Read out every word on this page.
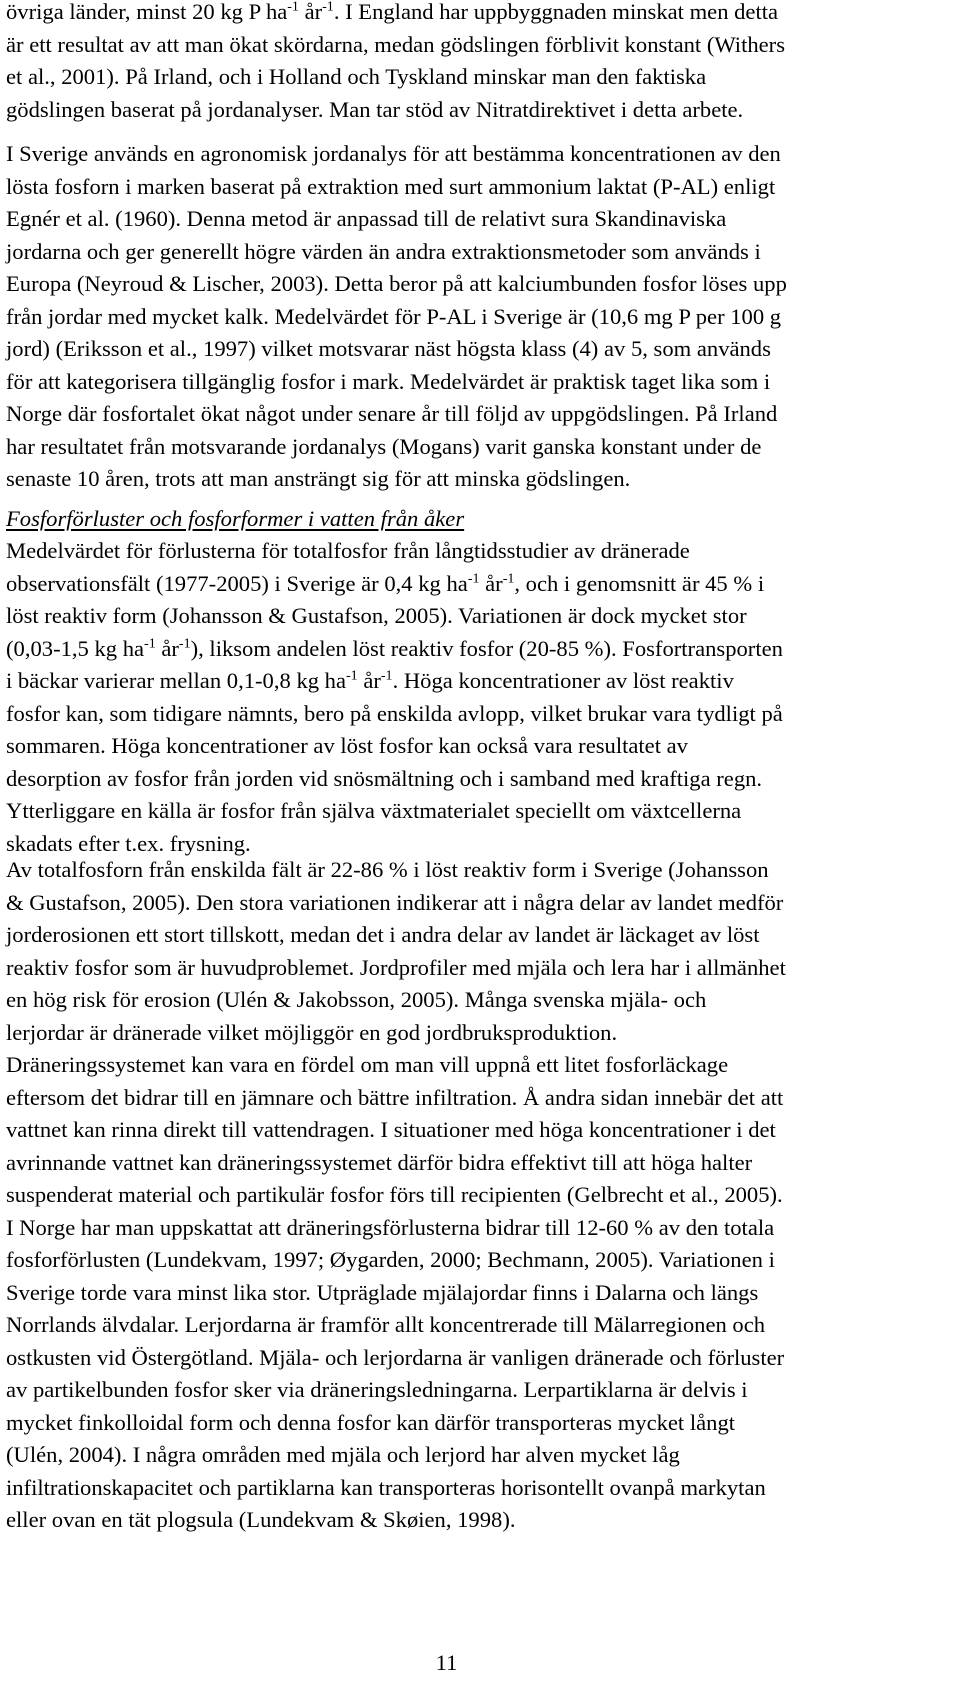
övriga länder, minst 20 kg P $ha^{-1}$ $år^{-1}$. I England har uppbyggnaden minskat men detta
är ett resultat av att man ökat skördarna, medan gödslingen förblivit konstant (Withers
et al., 2001). På Irland, och i Holland och Tyskland minskar man den faktiska
gödslingen baserat på jordanalyser. Man tar stöd av Nitratdirektivet i detta arbete.
I Sverige används en agronomisk jordanalys för att bestämma koncentrationen av den
lösta fosforn i marken baserat på extraktion med surt ammonium laktat (P-AL) enligt
Egnér et al. (1960). Denna metod är anpassad till de relativt sura Skandinaviska
jordarna och ger generellt högre värden än andra extraktionsmetoder som används i
Europa (Neyroud & Lischer, 2003). Detta beror på att kalciumbunden fosfor löses upp
från jordar med mycket kalk. Medelvärdet för P-AL i Sverige är (10,6 mg P per 100 g
jord) (Eriksson et al., 1997) vilket motsvarar näst högsta klass (4) av 5, som används
för att kategorisera tillgänglig fosfor i mark. Medelvärdet är praktisk taget lika som i
Norge där fosfortalet ökat något under senare år till följd av uppgödslingen. På Irland
har resultatet från motsvarande jordanalys (Mogans) varit ganska konstant under de
senaste 10 åren, trots att man ansträngt sig för att minska gödslingen.
Fosforförluster och fosforformer i vatten från åker
Medelvärdet för förlusterna för totalfosfor från långtidsstudier av dränerade
observationsfält (1977-2005) i Sverige är 0,4 kg $ha^{-1}$ $år^{-1}$, och i genomsnitt är 45 % i
löst reaktiv form (Johansson & Gustafson, 2005). Variationen är dock mycket stor
(0,03-1,5 kg $ha^{-1}$ $år^{-1}$), liksom andelen löst reaktiv fosfor (20-85 %). Fosfortransporten
i bäckar varierar mellan 0,1-0,8 kg $ha^{-1}$ $år^{-1}$. Höga koncentrationer av löst reaktiv
fosfor kan, som tidigare nämnts, bero på enskilda avlopp, vilket brukar vara tydligt på
sommaren. Höga koncentrationer av löst fosfor kan också vara resultatet av
desorption av fosfor från jorden vid snösmältning och i samband med kraftiga regn.
Ytterliggare en källa är fosfor från själva växtmaterialet speciellt om växtcellerna
skadats efter t.ex. frysning.
Av totalfosforn från enskilda fält är 22-86 % i löst reaktiv form i Sverige (Johansson
& Gustafson, 2005). Den stora variationen indikerar att i några delar av landet medför
jorderosionen ett stort tillskott, medan det i andra delar av landet är läckaget av löst
reaktiv fosfor som är huvudproblemet. Jordprofiler med mjäla och lera har i allmänhet
en hög risk för erosion (Ulén & Jakobsson, 2005). Många svenska mjäla- och
lerjordar är dränerade vilket möjliggör en god jordbruksproduktion.
Dräneringssystemet kan vara en fördel om man vill uppnå ett litet fosforläckage
eftersom det bidrar till en jämnare och bättre infiltration. Å andra sidan innebär det att
vattnet kan rinna direkt till vattendragen. I situationer med höga koncentrationer i det
avrinnande vattnet kan dräneringssystemet därför bidra effektivt till att höga halter
suspenderat material och partikulär fosfor förs till recipienten (Gelbrecht et al., 2005).
I Norge har man uppskattat att dräneringsförlusterna bidrar till 12-60 % av den totala
fosforförlusten (Lundekvam, 1997; Øygarden, 2000; Bechmann, 2005). Variationen i
Sverige torde vara minst lika stor. Utpräglade mjälajordar finns i Dalarna och längs
Norrlands älvdalar. Lerjordarna är framför allt koncentrerade till Mälarregionen och
ostkusten vid Östergötland. Mjäla- och lerjordarna är vanligen dränerade och förluster
av partikelbunden fosfor sker via dräneringsledningarna. Lerpartiklarna är delvis i
mycket finkolloidal form och denna fosfor kan därför transporteras mycket långt
(Ulén, 2004). I några områden med mjäla och lerjord har alven mycket låg
infiltrationskapacitet och partiklarna kan transporteras horisontellt ovanpå markytan
eller ovan en tät plogsula (Lundekvam & Skøien, 1998).
11
